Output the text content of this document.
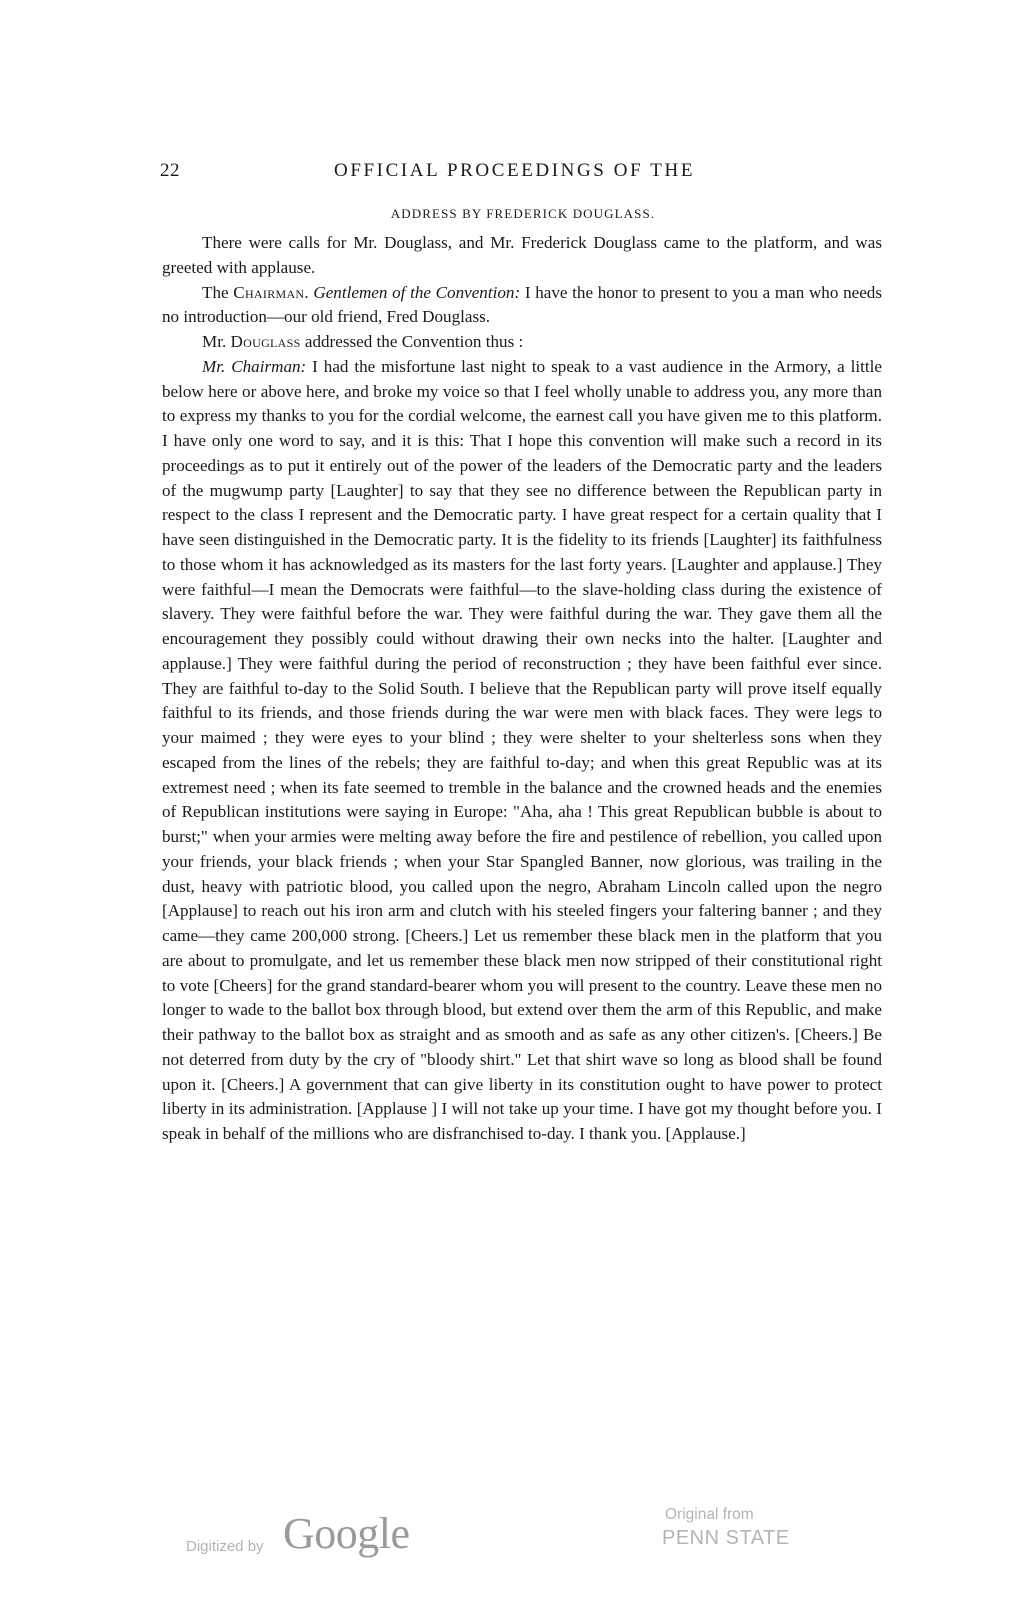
22	OFFICIAL PROCEEDINGS OF THE
ADDRESS BY FREDERICK DOUGLASS.

There were calls for Mr. Douglass, and Mr. Frederick Douglass came to the platform, and was greeted with applause.

The Chairman. Gentlemen of the Convention: I have the honor to present to you a man who needs no introduction—our old friend, Fred Douglass.

Mr. Douglass addressed the Convention thus :

Mr. Chairman: I had the misfortune last night to speak to a vast audience in the Armory, a little below here or above here, and broke my voice so that I feel wholly unable to address you, any more than to express my thanks to you for the cordial welcome, the earnest call you have given me to this platform. I have only one word to say, and it is this: That I hope this convention will make such a record in its proceedings as to put it entirely out of the power of the leaders of the Democratic party and the leaders of the mugwump party [Laughter] to say that they see no difference between the Republican party in respect to the class I represent and the Democratic party. I have great respect for a certain quality that I have seen distinguished in the Democratic party. It is the fidelity to its friends [Laughter] its faithfulness to those whom it has acknowledged as its masters for the last forty years. [Laughter and applause.] They were faithful—I mean the Democrats were faithful—to the slave-holding class during the existence of slavery. They were faithful before the war. They were faithful during the war. They gave them all the encouragement they possibly could without drawing their own necks into the halter. [Laughter and applause.] They were faithful during the period of reconstruction ; they have been faithful ever since. They are faithful to-day to the Solid South. I believe that the Republican party will prove itself equally faithful to its friends, and those friends during the war were men with black faces. They were legs to your maimed ; they were eyes to your blind ; they were shelter to your shelterless sons when they escaped from the lines of the rebels; they are faithful to-day; and when this great Republic was at its extremest need ; when its fate seemed to tremble in the balance and the crowned heads and the enemies of Republican institutions were saying in Europe: "Aha, aha ! This great Republican bubble is about to burst;" when your armies were melting away before the fire and pestilence of rebellion, you called upon your friends, your black friends ; when your Star Spangled Banner, now glorious, was trailing in the dust, heavy with patriotic blood, you called upon the negro, Abraham Lincoln called upon the negro [Applause] to reach out his iron arm and clutch with his steeled fingers your faltering banner ; and they came—they came 200,000 strong. [Cheers.] Let us remember these black men in the platform that you are about to promulgate, and let us remember these black men now stripped of their constitutional right to vote [Cheers] for the grand standard-bearer whom you will present to the country. Leave these men no longer to wade to the ballot box through blood, but extend over them the arm of this Republic, and make their pathway to the ballot box as straight and as smooth and as safe as any other citizen's. [Cheers.] Be not deterred from duty by the cry of "bloody shirt." Let that shirt wave so long as blood shall be found upon it. [Cheers.] A government that can give liberty in its constitution ought to have power to protect liberty in its administration. [Applause ] I will not take up your time. I have got my thought before you. I speak in behalf of the millions who are disfranchised to-day. I thank you. [Applause.]

Digitized by Google	Original from
PENN STATE
